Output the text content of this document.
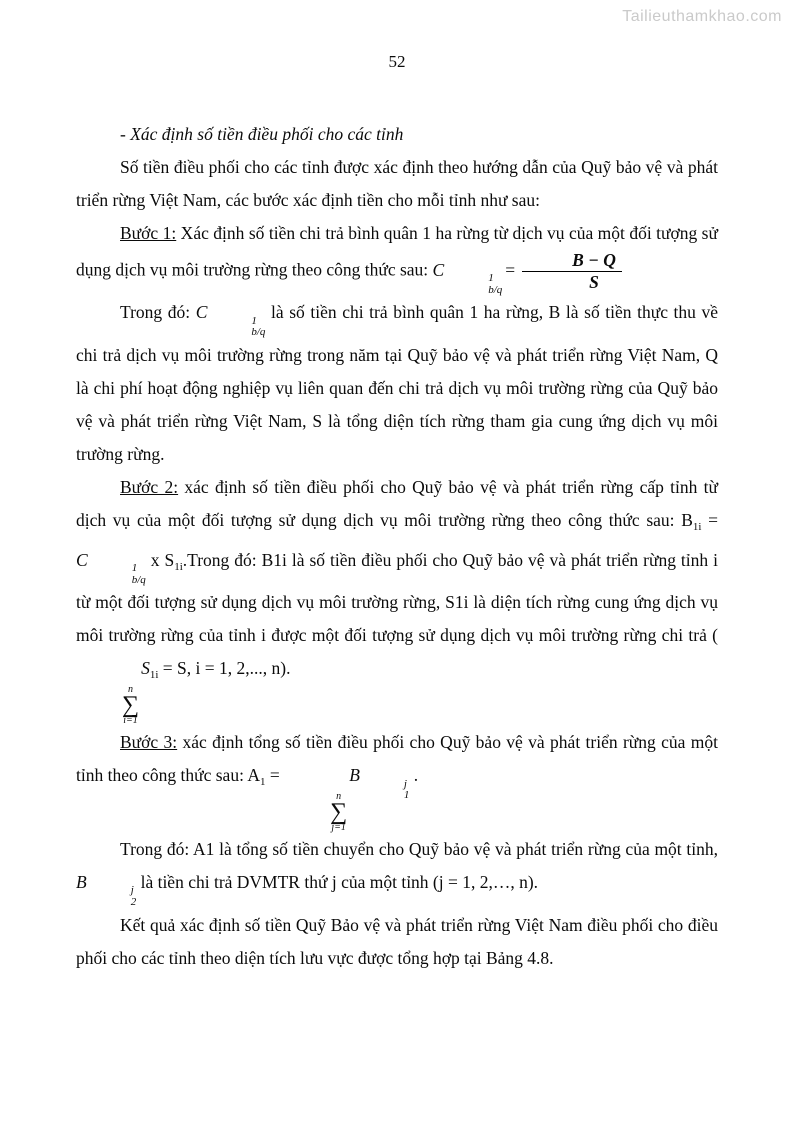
Tailieuthamkhao.com
52

- Xác định số tiền điều phối cho các tỉnh

Số tiền điều phối cho các tỉnh được xác định theo hướng dẫn của Quỹ bảo vệ và phát triển rừng Việt Nam, các bước xác định tiền cho mỗi tỉnh như sau:

Bước 1: Xác định số tiền chi trả bình quân 1 ha rừng từ dịch vụ của một đối tượng sử dụng dịch vụ môi trường rừng theo công thức sau: C	1
b/q
= $\frac{B - Q}{S}$

Trong đó: C	1
b/q
là số tiền chi trả bình quân 1 ha rừng, B là số tiền thực thu về chi trả dịch vụ môi trường rừng trong năm tại Quỹ bảo vệ và phát triển rừng Việt Nam, Q là chi phí hoạt động nghiệp vụ liên quan đến chi trả dịch vụ môi trường rừng của Quỹ bảo vệ và phát triển rừng Việt Nam, S là tổng diện tích rừng tham gia cung ứng dịch vụ môi trường rừng.

Bước 2: xác định số tiền điều phối cho Quỹ bảo vệ và phát triển rừng cấp tỉnh từ dịch vụ của một đối tượng sử dụng dịch vụ môi trường rừng theo công thức sau: $B_{1i} = C$	1
b/q
x $S_{1i}.Trong$ đó: B1i là số tiền điều phối cho Quỹ bảo vệ và phát triển rừng tỉnh i từ một đối tượng sử dụng dịch vụ môi trường rừng, S1i là diện tích rừng cung ứng dịch vụ môi trường rừng của tỉnh i được một đối tượng sử dụng dịch vụ môi trường rừng chi trả (
n
∑
i=1
$S_{1i} = S$, i = 1, 2,..., n).

Bước 3: xác định tổng số tiền điều phối cho Quỹ bảo vệ và phát triển rừng của một tỉnh theo công thức sau: $A_1$ =
n
∑
j=1
B	j
1
.

Trong đó: A1 là tổng số tiền chuyển cho Quỹ bảo vệ và phát triển rừng của một tỉnh, B	j
2
là tiền chi trả DVMTR thứ j của một tỉnh (j = 1, 2,…, n).

Kết quả xác định số tiền Quỹ Bảo vệ và phát triển rừng Việt Nam điều phối cho điều phối cho các tỉnh theo diện tích lưu vực được tổng hợp tại Bảng 4.8.
